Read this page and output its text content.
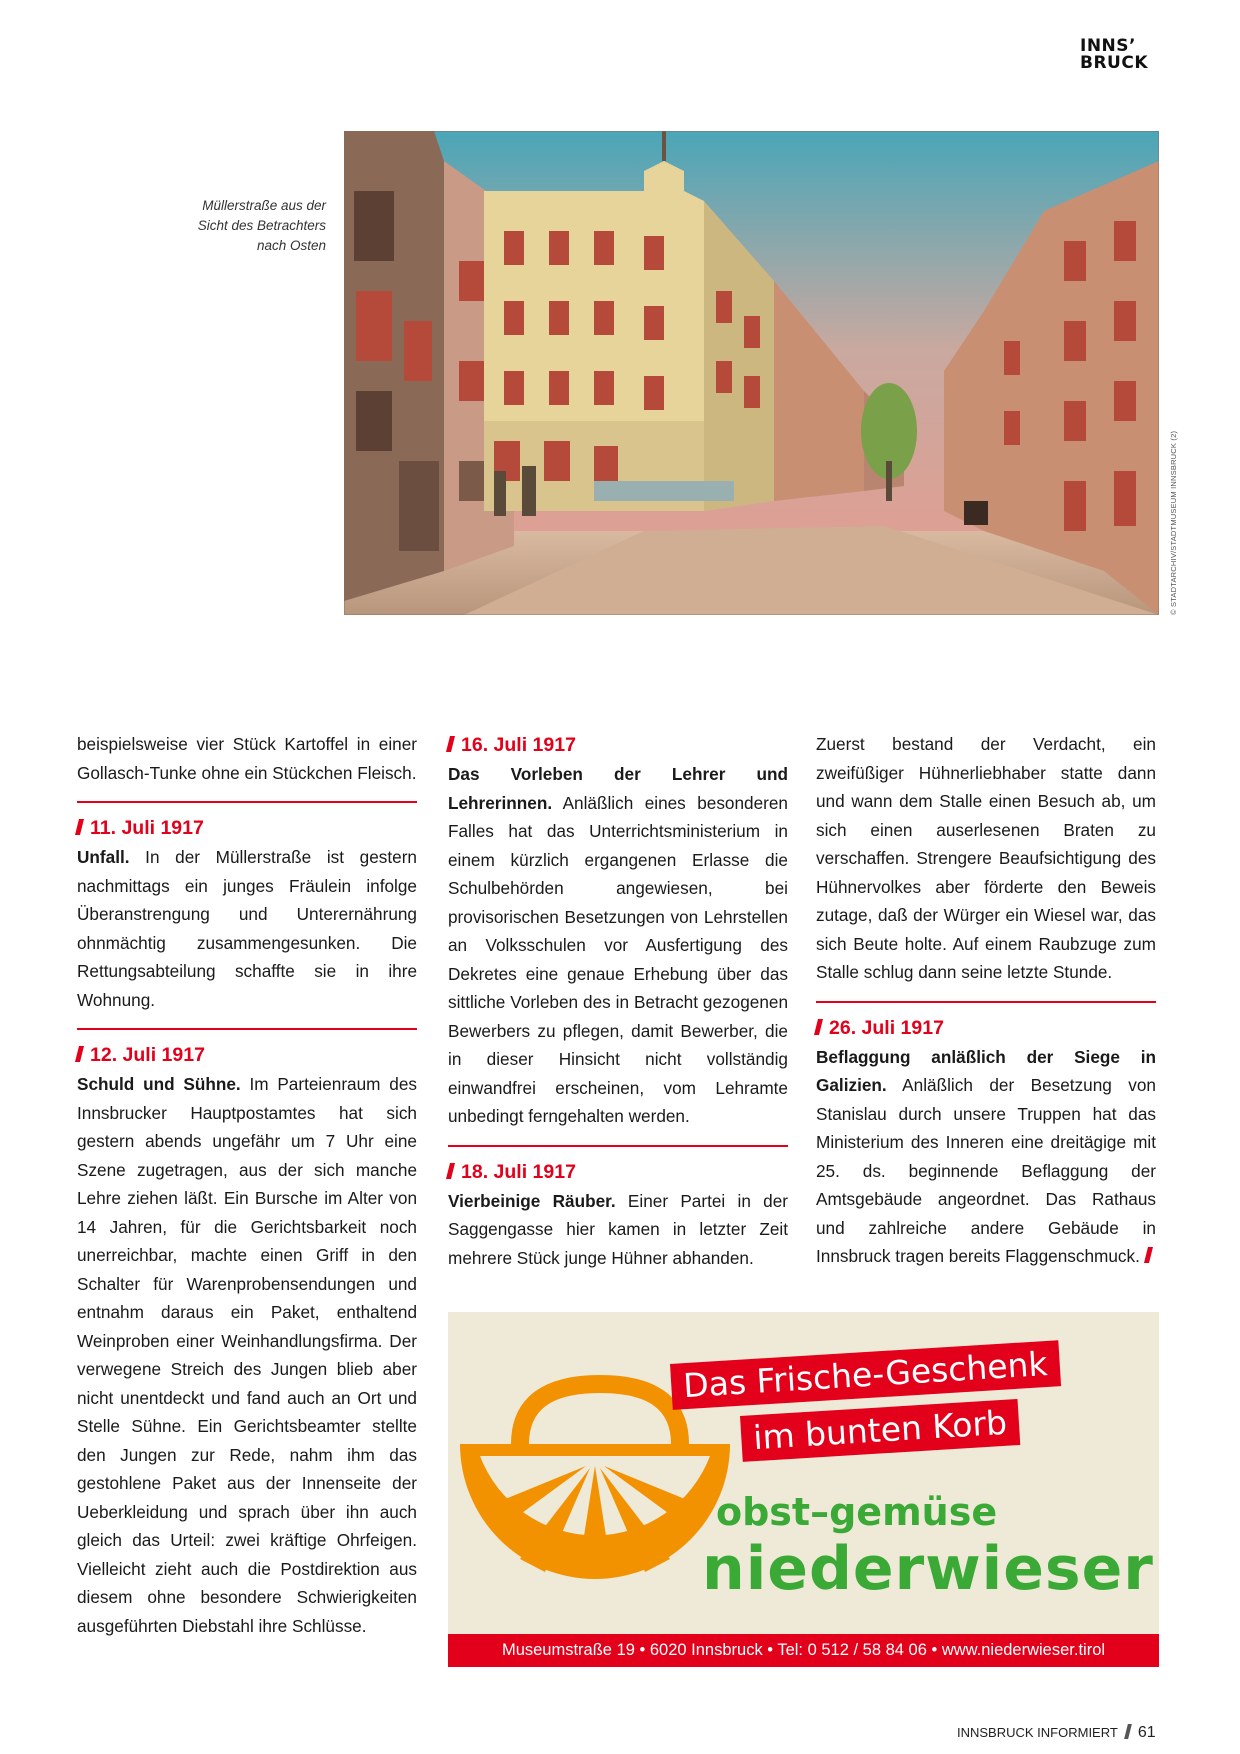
INNS’
BRUCK
Müllerstraße aus der
Sicht des Betrachters
nach Osten
© STADTARCHIV/STADTMUSEUM INNSBRUCK (2)

beispielsweise vier Stück Kartoffel in einer Gollasch-Tunke ohne ein Stückchen Fleisch.

11. Juli 1917

Unfall. In der Müllerstraße ist gestern nachmittags ein junges Fräulein infolge Überanstrengung und Unterernährung ohnmächtig zusammengesunken. Die Rettungsabteilung schaffte sie in ihre Wohnung.

12. Juli 1917

Schuld und Sühne. Im Parteienraum des Innsbrucker Hauptpostamtes hat sich gestern abends ungefähr um 7 Uhr eine Szene zugetragen, aus der sich manche Lehre ziehen läßt. Ein Bursche im Alter von 14 Jahren, für die Gerichtsbarkeit noch unerreichbar, machte einen Griff in den Schalter für Warenprobensendungen und entnahm daraus ein Paket, enthaltend Weinproben einer Weinhandlungsfirma. Der verwegene Streich des Jungen blieb aber nicht unentdeckt und fand auch an Ort und Stelle Sühne. Ein Gerichtsbeamter stellte den Jungen zur Rede, nahm ihm das gestohlene Paket aus der Innenseite der Ueberkleidung und sprach über ihn auch gleich das Urteil: zwei kräftige Ohrfeigen. Vielleicht zieht auch die Postdirektion aus diesem ohne besondere Schwierigkeiten ausgeführten Diebstahl ihre Schlüsse.

16. Juli 1917

Das Vorleben der Lehrer und Lehrerinnen. Anläßlich eines besonderen Falles hat das Unterrichtsministerium in einem kürzlich ergangenen Erlasse die Schulbehörden angewiesen, bei provisorischen Besetzungen von Lehrstellen an Volksschulen vor Ausfertigung des Dekretes eine genaue Erhebung über das sittliche Vorleben des in Betracht gezogenen Bewerbers zu pflegen, damit Bewerber, die in dieser Hinsicht nicht vollständig einwandfrei erscheinen, vom Lehramte unbedingt ferngehalten werden.

18. Juli 1917

Vierbeinige Räuber. Einer Partei in der Saggengasse hier kamen in letzter Zeit mehrere Stück junge Hühner abhanden.

Zuerst bestand der Verdacht, ein zweifüßiger Hühnerliebhaber statte dann und wann dem Stalle einen Besuch ab, um sich einen auserlesenen Braten zu verschaffen. Strengere Beaufsichtigung des Hühnervolkes aber förderte den Beweis zutage, daß der Würger ein Wiesel war, das sich Beute holte. Auf einem Raubzuge zum Stalle schlug dann seine letzte Stunde.

26. Juli 1917

Beflaggung anläßlich der Siege in Galizien. Anläßlich der Besetzung von Stanislau durch unsere Truppen hat das Ministerium des Inneren eine dreitägige mit 25. ds. beginnende Beflaggung der Amtsgebäude angeordnet. Das Rathaus und zahlreiche andere Gebäude in Innsbruck tragen bereits Flaggenschmuck.

Das Frische-Geschenk
im bunten Korb
obst–gemüse
niederwieser
Museumstraße 19 • 6020 Innsbruck • Tel: 0 512 / 58 84 06 • www.niederwieser.tirol
INNSBRUCK INFORMIERT 61
